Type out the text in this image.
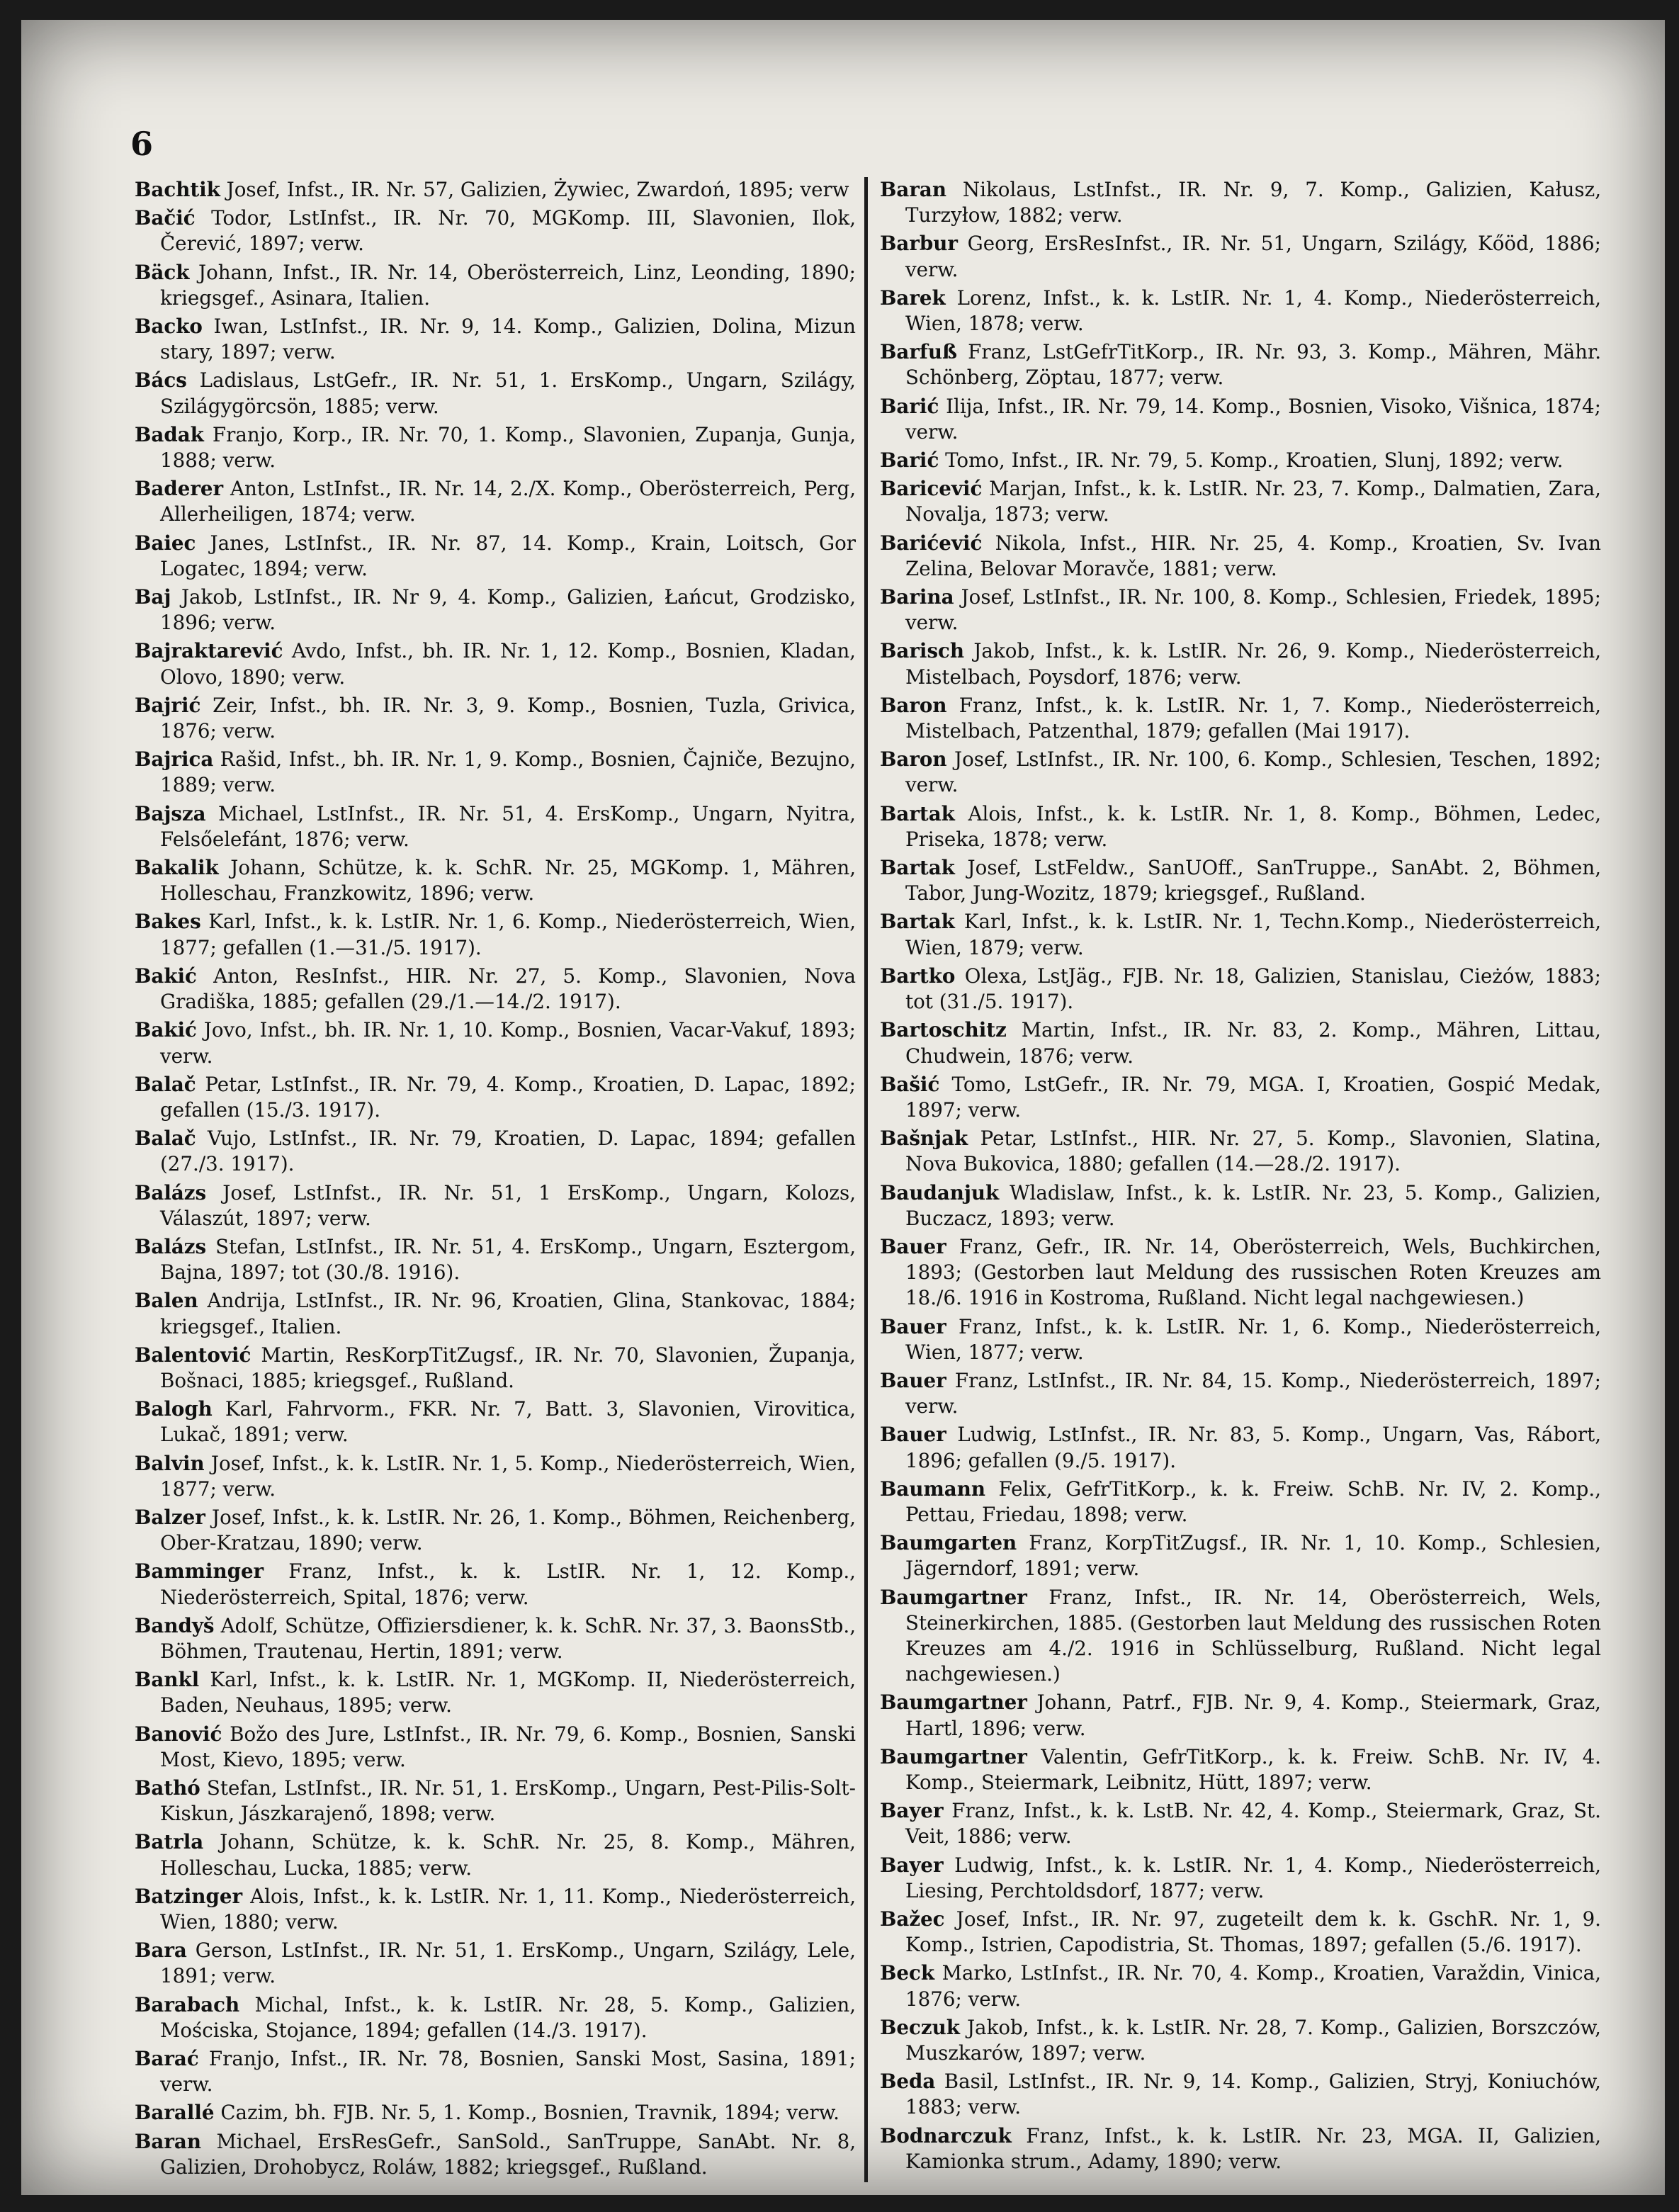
6

Bachtik Josef, Infst., IR. Nr. 57, Galizien, Żywiec, Zwardoń, 1895; verw

Bačić Todor, LstInfst., IR. Nr. 70, MGKomp. III, Slavonien, Ilok, Čerević, 1897; verw.

Bäck Johann, Infst., IR. Nr. 14, Oberösterreich, Linz, Leonding, 1890; kriegsgef., Asinara, Italien.

Backo Iwan, LstInfst., IR. Nr. 9, 14. Komp., Galizien, Dolina, Mizun stary, 1897; verw.

Bács Ladislaus, LstGefr., IR. Nr. 51, 1. ErsKomp., Ungarn, Szilágy, Szilágygörcsön, 1885; verw.

Badak Franjo, Korp., IR. Nr. 70, 1. Komp., Slavonien, Zupanja, Gunja, 1888; verw.

Baderer Anton, LstInfst., IR. Nr. 14, 2./X. Komp., Oberösterreich, Perg, Allerheiligen, 1874; verw.

Baiec Janes, LstInfst., IR. Nr. 87, 14. Komp., Krain, Loitsch, Gor Logatec, 1894; verw.

Baj Jakob, LstInfst., IR. Nr 9, 4. Komp., Galizien, Łańcut, Grodzisko, 1896; verw.

Bajraktarević Avdo, Infst., bh. IR. Nr. 1, 12. Komp., Bosnien, Kladan, Olovo, 1890; verw.

Bajrić Zeir, Infst., bh. IR. Nr. 3, 9. Komp., Bosnien, Tuzla, Grivica, 1876; verw.

Bajrica Rašid, Infst., bh. IR. Nr. 1, 9. Komp., Bosnien, Čajniče, Bezujno, 1889; verw.

Bajsza Michael, LstInfst., IR. Nr. 51, 4. ErsKomp., Ungarn, Nyitra, Felsőelefánt, 1876; verw.

Bakalik Johann, Schütze, k. k. SchR. Nr. 25, MGKomp. 1, Mähren, Holleschau, Franzkowitz, 1896; verw.

Bakes Karl, Infst., k. k. LstIR. Nr. 1, 6. Komp., Niederösterreich, Wien, 1877; gefallen (1.—31./5. 1917).

Bakić Anton, ResInfst., HIR. Nr. 27, 5. Komp., Slavonien, Nova Gradiška, 1885; gefallen (29./1.—14./2. 1917).

Bakić Jovo, Infst., bh. IR. Nr. 1, 10. Komp., Bosnien, Vacar-Vakuf, 1893; verw.

Balač Petar, LstInfst., IR. Nr. 79, 4. Komp., Kroatien, D. Lapac, 1892; gefallen (15./3. 1917).

Balač Vujo, LstInfst., IR. Nr. 79, Kroatien, D. Lapac, 1894; gefallen (27./3. 1917).

Balázs Josef, LstInfst., IR. Nr. 51, 1 ErsKomp., Ungarn, Kolozs, Válaszút, 1897; verw.

Balázs Stefan, LstInfst., IR. Nr. 51, 4. ErsKomp., Ungarn, Esztergom, Bajna, 1897; tot (30./8. 1916).

Balen Andrija, LstInfst., IR. Nr. 96, Kroatien, Glina, Stankovac, 1884; kriegsgef., Italien.

Balentović Martin, ResKorpTitZugsf., IR. Nr. 70, Slavonien, Županja, Bošnaci, 1885; kriegsgef., Rußland.

Balogh Karl, Fahrvorm., FKR. Nr. 7, Batt. 3, Slavonien, Virovitica, Lukač, 1891; verw.

Balvin Josef, Infst., k. k. LstIR. Nr. 1, 5. Komp., Niederösterreich, Wien, 1877; verw.

Balzer Josef, Infst., k. k. LstIR. Nr. 26, 1. Komp., Böhmen, Reichenberg, Ober-Kratzau, 1890; verw.

Bamminger Franz, Infst., k. k. LstIR. Nr. 1, 12. Komp., Niederösterreich, Spital, 1876; verw.

Bandyš Adolf, Schütze, Offiziersdiener, k. k. SchR. Nr. 37, 3. BaonsStb., Böhmen, Trautenau, Hertin, 1891; verw.

Bankl Karl, Infst., k. k. LstIR. Nr. 1, MGKomp. II, Niederösterreich, Baden, Neuhaus, 1895; verw.

Banović Božo des Jure, LstInfst., IR. Nr. 79, 6. Komp., Bosnien, Sanski Most, Kievo, 1895; verw.

Bathó Stefan, LstInfst., IR. Nr. 51, 1. ErsKomp., Ungarn, Pest-Pilis-Solt-Kiskun, Jászkarajenő, 1898; verw.

Batrla Johann, Schütze, k. k. SchR. Nr. 25, 8. Komp., Mähren, Holleschau, Lucka, 1885; verw.

Batzinger Alois, Infst., k. k. LstIR. Nr. 1, 11. Komp., Niederösterreich, Wien, 1880; verw.

Bara Gerson, LstInfst., IR. Nr. 51, 1. ErsKomp., Ungarn, Szilágy, Lele, 1891; verw.

Barabach Michal, Infst., k. k. LstIR. Nr. 28, 5. Komp., Galizien, Mościska, Stojance, 1894; gefallen (14./3. 1917).

Barać Franjo, Infst., IR. Nr. 78, Bosnien, Sanski Most, Sasina, 1891; verw.

Barallé Cazim, bh. FJB. Nr. 5, 1. Komp., Bosnien, Travnik, 1894; verw.

Baran Michael, ErsResGefr., SanSold., SanTruppe, SanAbt. Nr. 8, Galizien, Drohobycz, Roláw, 1882; kriegsgef., Rußland.

Baran Nikolaus, LstInfst., IR. Nr. 9, 7. Komp., Galizien, Kałusz, Turzyłow, 1882; verw.

Barbur Georg, ErsResInfst., IR. Nr. 51, Ungarn, Szilágy, Kőöd, 1886; verw.

Barek Lorenz, Infst., k. k. LstIR. Nr. 1, 4. Komp., Niederösterreich, Wien, 1878; verw.

Barfuß Franz, LstGefrTitKorp., IR. Nr. 93, 3. Komp., Mähren, Mähr. Schönberg, Zöptau, 1877; verw.

Barić Ilija, Infst., IR. Nr. 79, 14. Komp., Bosnien, Visoko, Višnica, 1874; verw.

Barić Tomo, Infst., IR. Nr. 79, 5. Komp., Kroatien, Slunj, 1892; verw.

Baricević Marjan, Infst., k. k. LstIR. Nr. 23, 7. Komp., Dalmatien, Zara, Novalja, 1873; verw.

Barićević Nikola, Infst., HIR. Nr. 25, 4. Komp., Kroatien, Sv. Ivan Zelina, Belovar Moravče, 1881; verw.

Barina Josef, LstInfst., IR. Nr. 100, 8. Komp., Schlesien, Friedek, 1895; verw.

Barisch Jakob, Infst., k. k. LstIR. Nr. 26, 9. Komp., Niederösterreich, Mistelbach, Poysdorf, 1876; verw.

Baron Franz, Infst., k. k. LstIR. Nr. 1, 7. Komp., Niederösterreich, Mistelbach, Patzenthal, 1879; gefallen (Mai 1917).

Baron Josef, LstInfst., IR. Nr. 100, 6. Komp., Schlesien, Teschen, 1892; verw.

Bartak Alois, Infst., k. k. LstIR. Nr. 1, 8. Komp., Böhmen, Ledec, Priseka, 1878; verw.

Bartak Josef, LstFeldw., SanUOff., SanTruppe., SanAbt. 2, Böhmen, Tabor, Jung-Wozitz, 1879; kriegsgef., Rußland.

Bartak Karl, Infst., k. k. LstIR. Nr. 1, Techn.Komp., Niederösterreich, Wien, 1879; verw.

Bartko Olexa, LstJäg., FJB. Nr. 18, Galizien, Stanislau, Cieżów, 1883; tot (31./5. 1917).

Bartoschitz Martin, Infst., IR. Nr. 83, 2. Komp., Mähren, Littau, Chudwein, 1876; verw.

Bašić Tomo, LstGefr., IR. Nr. 79, MGA. I, Kroatien, Gospić Medak, 1897; verw.

Bašnjak Petar, LstInfst., HIR. Nr. 27, 5. Komp., Slavonien, Slatina, Nova Bukovica, 1880; gefallen (14.—28./2. 1917).

Baudanjuk Wladislaw, Infst., k. k. LstIR. Nr. 23, 5. Komp., Galizien, Buczacz, 1893; verw.

Bauer Franz, Gefr., IR. Nr. 14, Oberösterreich, Wels, Buchkirchen, 1893; (Gestorben laut Meldung des russischen Roten Kreuzes am 18./6. 1916 in Kostroma, Rußland. Nicht legal nachgewiesen.)

Bauer Franz, Infst., k. k. LstIR. Nr. 1, 6. Komp., Niederösterreich, Wien, 1877; verw.

Bauer Franz, LstInfst., IR. Nr. 84, 15. Komp., Niederösterreich, 1897; verw.

Bauer Ludwig, LstInfst., IR. Nr. 83, 5. Komp., Ungarn, Vas, Rábort, 1896; gefallen (9./5. 1917).

Baumann Felix, GefrTitKorp., k. k. Freiw. SchB. Nr. IV, 2. Komp., Pettau, Friedau, 1898; verw.

Baumgarten Franz, KorpTitZugsf., IR. Nr. 1, 10. Komp., Schlesien, Jägerndorf, 1891; verw.

Baumgartner Franz, Infst., IR. Nr. 14, Oberösterreich, Wels, Steinerkirchen, 1885. (Gestorben laut Meldung des russischen Roten Kreuzes am 4./2. 1916 in Schlüsselburg, Rußland. Nicht legal nachgewiesen.)

Baumgartner Johann, Patrf., FJB. Nr. 9, 4. Komp., Steiermark, Graz, Hartl, 1896; verw.

Baumgartner Valentin, GefrTitKorp., k. k. Freiw. SchB. Nr. IV, 4. Komp., Steiermark, Leibnitz, Hütt, 1897; verw.

Bayer Franz, Infst., k. k. LstB. Nr. 42, 4. Komp., Steiermark, Graz, St. Veit, 1886; verw.

Bayer Ludwig, Infst., k. k. LstIR. Nr. 1, 4. Komp., Niederösterreich, Liesing, Perchtoldsdorf, 1877; verw.

Bažec Josef, Infst., IR. Nr. 97, zugeteilt dem k. k. GschR. Nr. 1, 9. Komp., Istrien, Capodistria, St. Thomas, 1897; gefallen (5./6. 1917).

Beck Marko, LstInfst., IR. Nr. 70, 4. Komp., Kroatien, Varaždin, Vinica, 1876; verw.

Beczuk Jakob, Infst., k. k. LstIR. Nr. 28, 7. Komp., Galizien, Borszczów, Muszkarów, 1897; verw.

Beda Basil, LstInfst., IR. Nr. 9, 14. Komp., Galizien, Stryj, Koniuchów, 1883; verw.

Bodnarczuk Franz, Infst., k. k. LstIR. Nr. 23, MGA. II, Galizien, Kamionka strum., Adamy, 1890; verw.
